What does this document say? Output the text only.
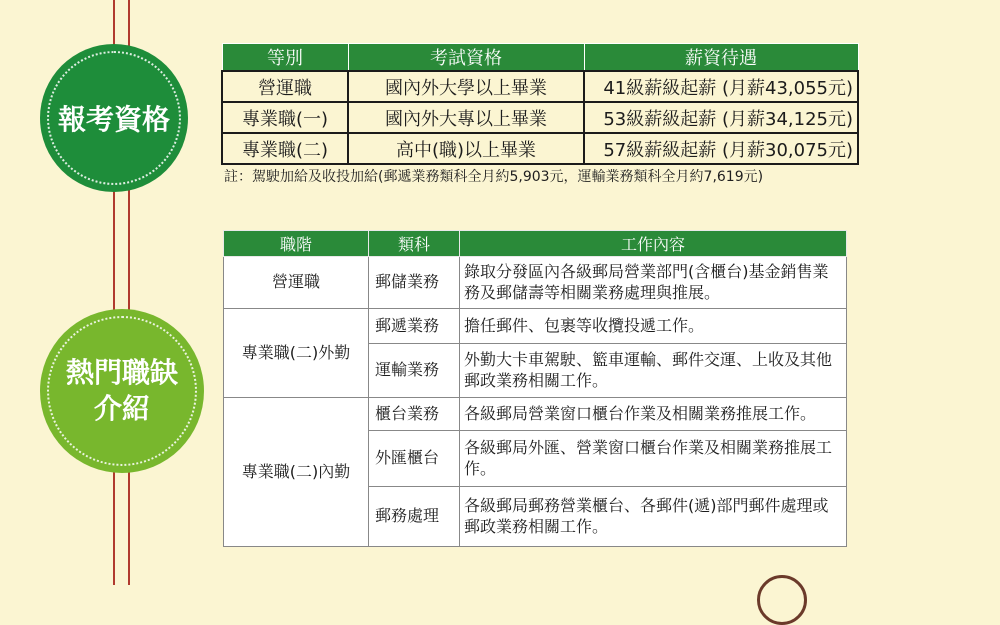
報考資格
熱門職缺
介紹
等別	考試資格	薪資待遇
營運職	國內外大學以上畢業	41級薪級起薪 (月薪43,055元)
專業職(一)	國內外大專以上畢業	53級薪級起薪 (月薪34,125元)
專業職(二)	高中(職)以上畢業	57級薪級起薪 (月薪30,075元)
註：駕駛加給及收投加給(郵遞業務類科全月約5,903元，運輸業務類科全月約7,619元)
職階	類科	工作內容
營運職	郵儲業務	錄取分發區內各級郵局營業部門(含櫃台)基金銷售業務及郵儲壽等相關業務處理與推展。
專業職(二)外勤	郵遞業務	擔任郵件、包裹等收攬投遞工作。
	運輸業務	外勤大卡車駕駛、籃車運輸、郵件交運、上收及其他郵政業務相關工作。
專業職(二)內勤	櫃台業務	各級郵局營業窗口櫃台作業及相關業務推展工作。
	外匯櫃台	各級郵局外匯、營業窗口櫃台作業及相關業務推展工作。
	郵務處理	各級郵局郵務營業櫃台、各郵件(遞)部門郵件處理或郵政業務相關工作。
